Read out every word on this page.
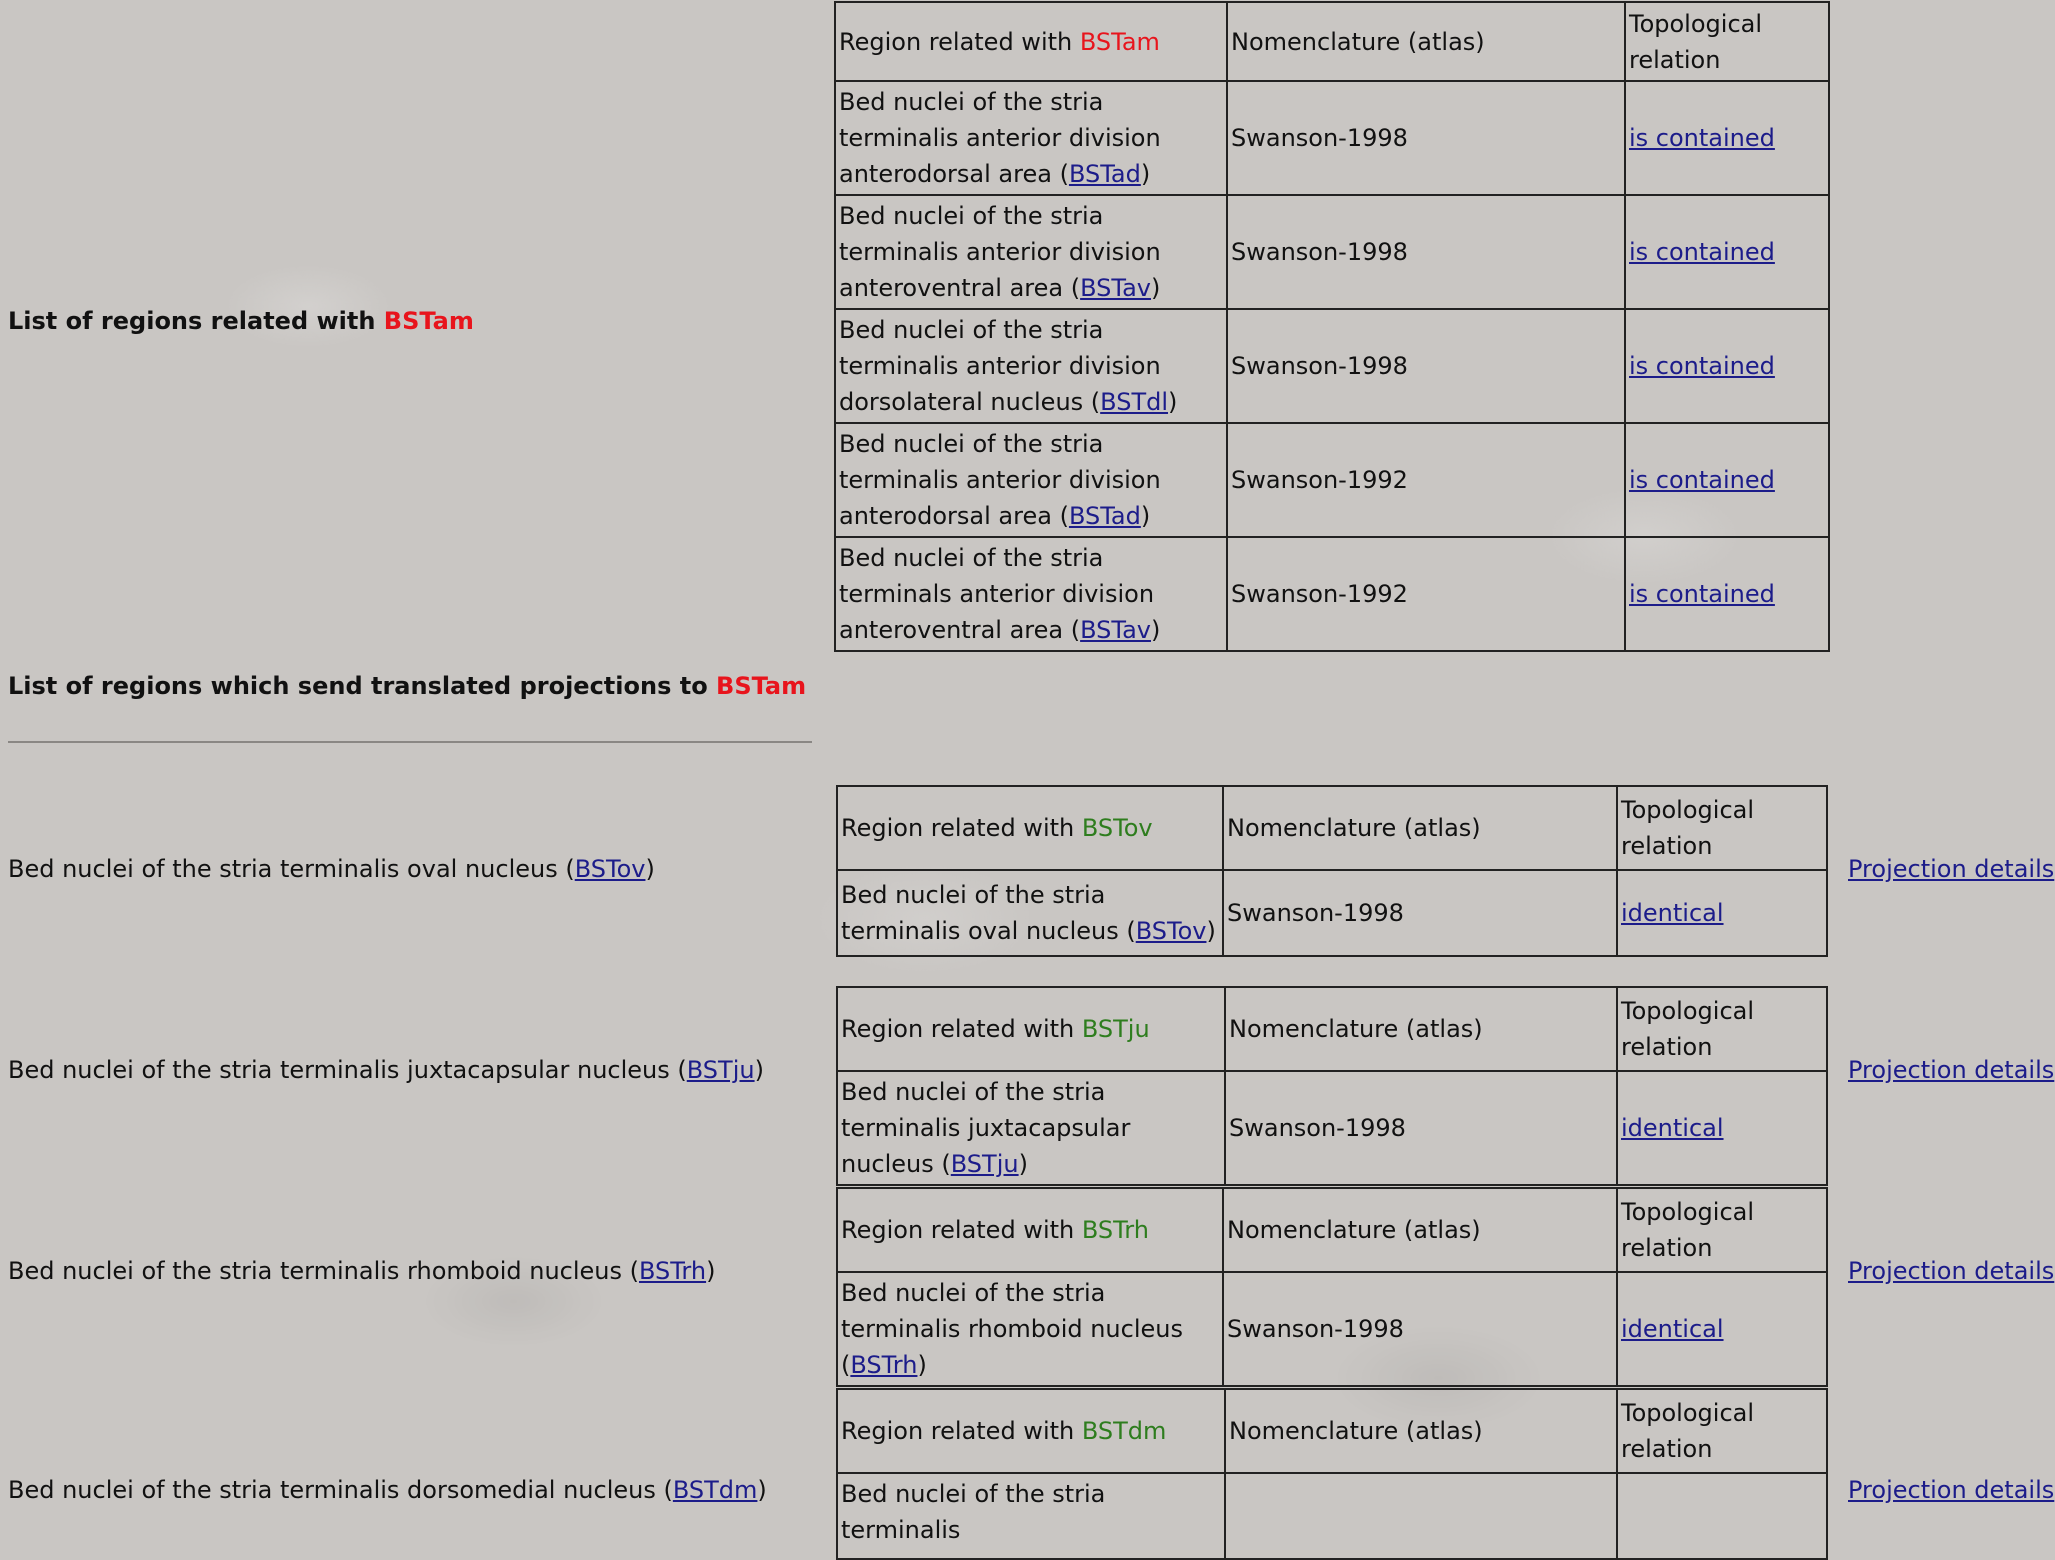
List of regions related with BSTam
Region related with BSTam	Nomenclature (atlas)	Topological relation
Bed nuclei of the stria terminalis anterior division anterodorsal area (BSTad)	Swanson-1998	is contained
Bed nuclei of the stria terminalis anterior division anteroventral area (BSTav)	Swanson-1998	is contained
Bed nuclei of the stria terminalis anterior division dorsolateral nucleus (BSTdl)	Swanson-1998	is contained
Bed nuclei of the stria terminalis anterior division anterodorsal area (BSTad)	Swanson-1992	is contained
Bed nuclei of the stria terminals anterior division anteroventral area (BSTav)	Swanson-1992	is contained
List of regions which send translated projections to BSTam
Bed nuclei of the stria terminalis oval nucleus (BSTov)
Region related with BSTov	Nomenclature (atlas)	Topological relation
Bed nuclei of the stria terminalis oval nucleus (BSTov)	Swanson-1998	identical
Projection details
Bed nuclei of the stria terminalis juxtacapsular nucleus (BSTju)
Region related with BSTju	Nomenclature (atlas)	Topological relation
Bed nuclei of the stria terminalis juxtacapsular nucleus (BSTju)	Swanson-1998	identical
Projection details
Bed nuclei of the stria terminalis rhomboid nucleus (BSTrh)
Region related with BSTrh	Nomenclature (atlas)	Topological relation
Bed nuclei of the stria terminalis rhomboid nucleus (BSTrh)	Swanson-1998	identical
Projection details
Bed nuclei of the stria terminalis dorsomedial nucleus (BSTdm)
Region related with BSTdm	Nomenclature (atlas)	Topological relation
Bed nuclei of the stria terminalis		
Projection details
